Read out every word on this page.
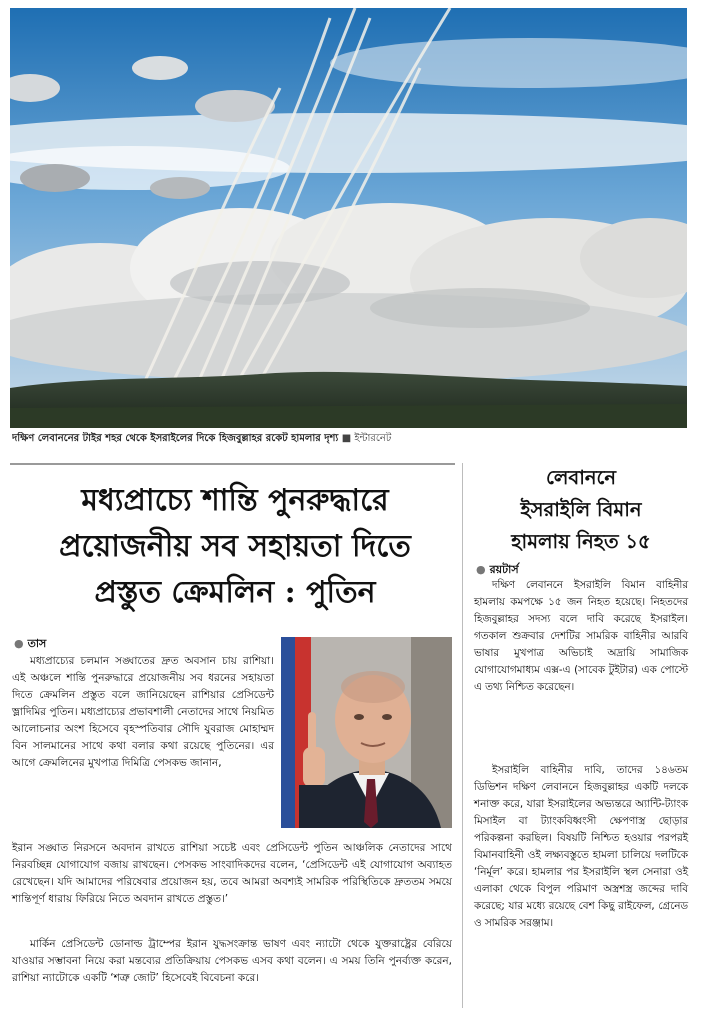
দক্ষিণ লেবাননের টাইর শহর থেকে ইসরাইলের দিকে হিজবুল্লাহর রকেট হামলার দৃশ্য ■ ইন্টারনেট
মধ্যপ্রাচ্যে শান্তি পুনরুদ্ধারে
প্রয়োজনীয় সব সহায়তা দিতে
প্রস্তুত ক্রেমলিন : পুতিন
● তাস
মধ্যপ্রাচ্যের চলমান সঙ্ঘাতের দ্রুত অবসান চায় রাশিয়া। এই অঞ্চলে শান্তি পুনরুদ্ধারে প্রয়োজনীয় সব ধরনের সহায়তা দিতে ক্রেমলিন প্রস্তুত বলে জানিয়েছেন রাশিয়ার প্রেসিডেন্ট ভ্লাদিমির পুতিন। মধ্যপ্রাচ্যের প্রভাবশালী নেতাদের সাথে নিয়মিত আলোচনার অংশ হিসেবে বৃহস্পতিবার সৌদি যুবরাজ মোহাম্মদ বিন সালমানের সাথে কথা বলার কথা রয়েছে পুতিনের। এর আগে ক্রেমলিনের মুখপাত্র দিমিত্রি পেসকভ জানান,
ইরান সঙ্ঘাত নিরসনে অবদান রাখতে রাশিয়া সচেষ্ট এবং প্রেসিডেন্ট পুতিন আঞ্চলিক নেতাদের সাথে নিরবচ্ছিন্ন যোগাযোগ বজায় রাখছেন। পেসকভ সাংবাদিকদের বলেন, ‘প্রেসিডেন্ট এই যোগাযোগ অব্যাহত রেখেছেন। যদি আমাদের পরিষেবার প্রয়োজন হয়, তবে আমরা অবশ্যই সামরিক পরিস্থিতিকে দ্রুততম সময়ে শান্তিপূর্ণ ধারায় ফিরিয়ে নিতে অবদান রাখতে প্রস্তুত।’
মার্কিন প্রেসিডেন্ট ডোনাল্ড ট্রাম্পের ইরান যুদ্ধসংক্রান্ত ভাষণ এবং ন্যাটো থেকে যুক্তরাষ্ট্রের বেরিয়ে যাওয়ার সম্ভাবনা নিয়ে করা মন্তব্যের প্রতিক্রিয়ায় পেসকভ এসব কথা বলেন। এ সময় তিনি পুনর্ব্যক্ত করেন, রাশিয়া ন্যাটোকে একটি ‘শত্রু জোট’ হিসেবেই বিবেচনা করে।
লেবাননে
ইসরাইলি বিমান
হামলায় নিহত ১৫
● রয়টার্স
দক্ষিণ লেবাননে ইসরাইলি বিমান বাহিনীর হামলায় কমপক্ষে ১৫ জন নিহত হয়েছে। নিহতদের হিজবুল্লাহর সদস্য বলে দাবি করেছে ইসরাইল। গতকাল শুক্রবার দেশটির সামরিক বাহিনীর আরবি ভাষার মুখপাত্র অভিচাই অদ্রায়ি সামাজিক যোগাযোগমাধ্যম এক্স-এ (সাবেক টুইটার) এক পোস্টে এ তথ্য নিশ্চিত করেছেন।
ইসরাইলি বাহিনীর দাবি, তাদের ১৪৬তম ডিভিশন দক্ষিণ লেবাননে হিজবুল্লাহর একটি দলকে শনাক্ত করে, যারা ইসরাইলের অভ্যন্তরে অ্যান্টি-ট্যাংক মিসাইল বা ট্যাংকবিধ্বংসী ক্ষেপণাস্ত্র ছোড়ার পরিকল্পনা করছিল। বিষয়টি নিশ্চিত হওয়ার পরপরই বিমানবাহিনী ওই লক্ষ্যবস্তুতে হামলা চালিয়ে দলটিকে ‘নির্মূল’ করে। হামলার পর ইসরাইলি স্থল সেনারা ওই এলাকা থেকে বিপুল পরিমাণ অস্ত্রশস্ত্র জব্দের দাবি করেছে; যার মধ্যে রয়েছে বেশ কিছু রাইফেল, গ্রেনেড ও সামরিক সরঞ্জাম।
